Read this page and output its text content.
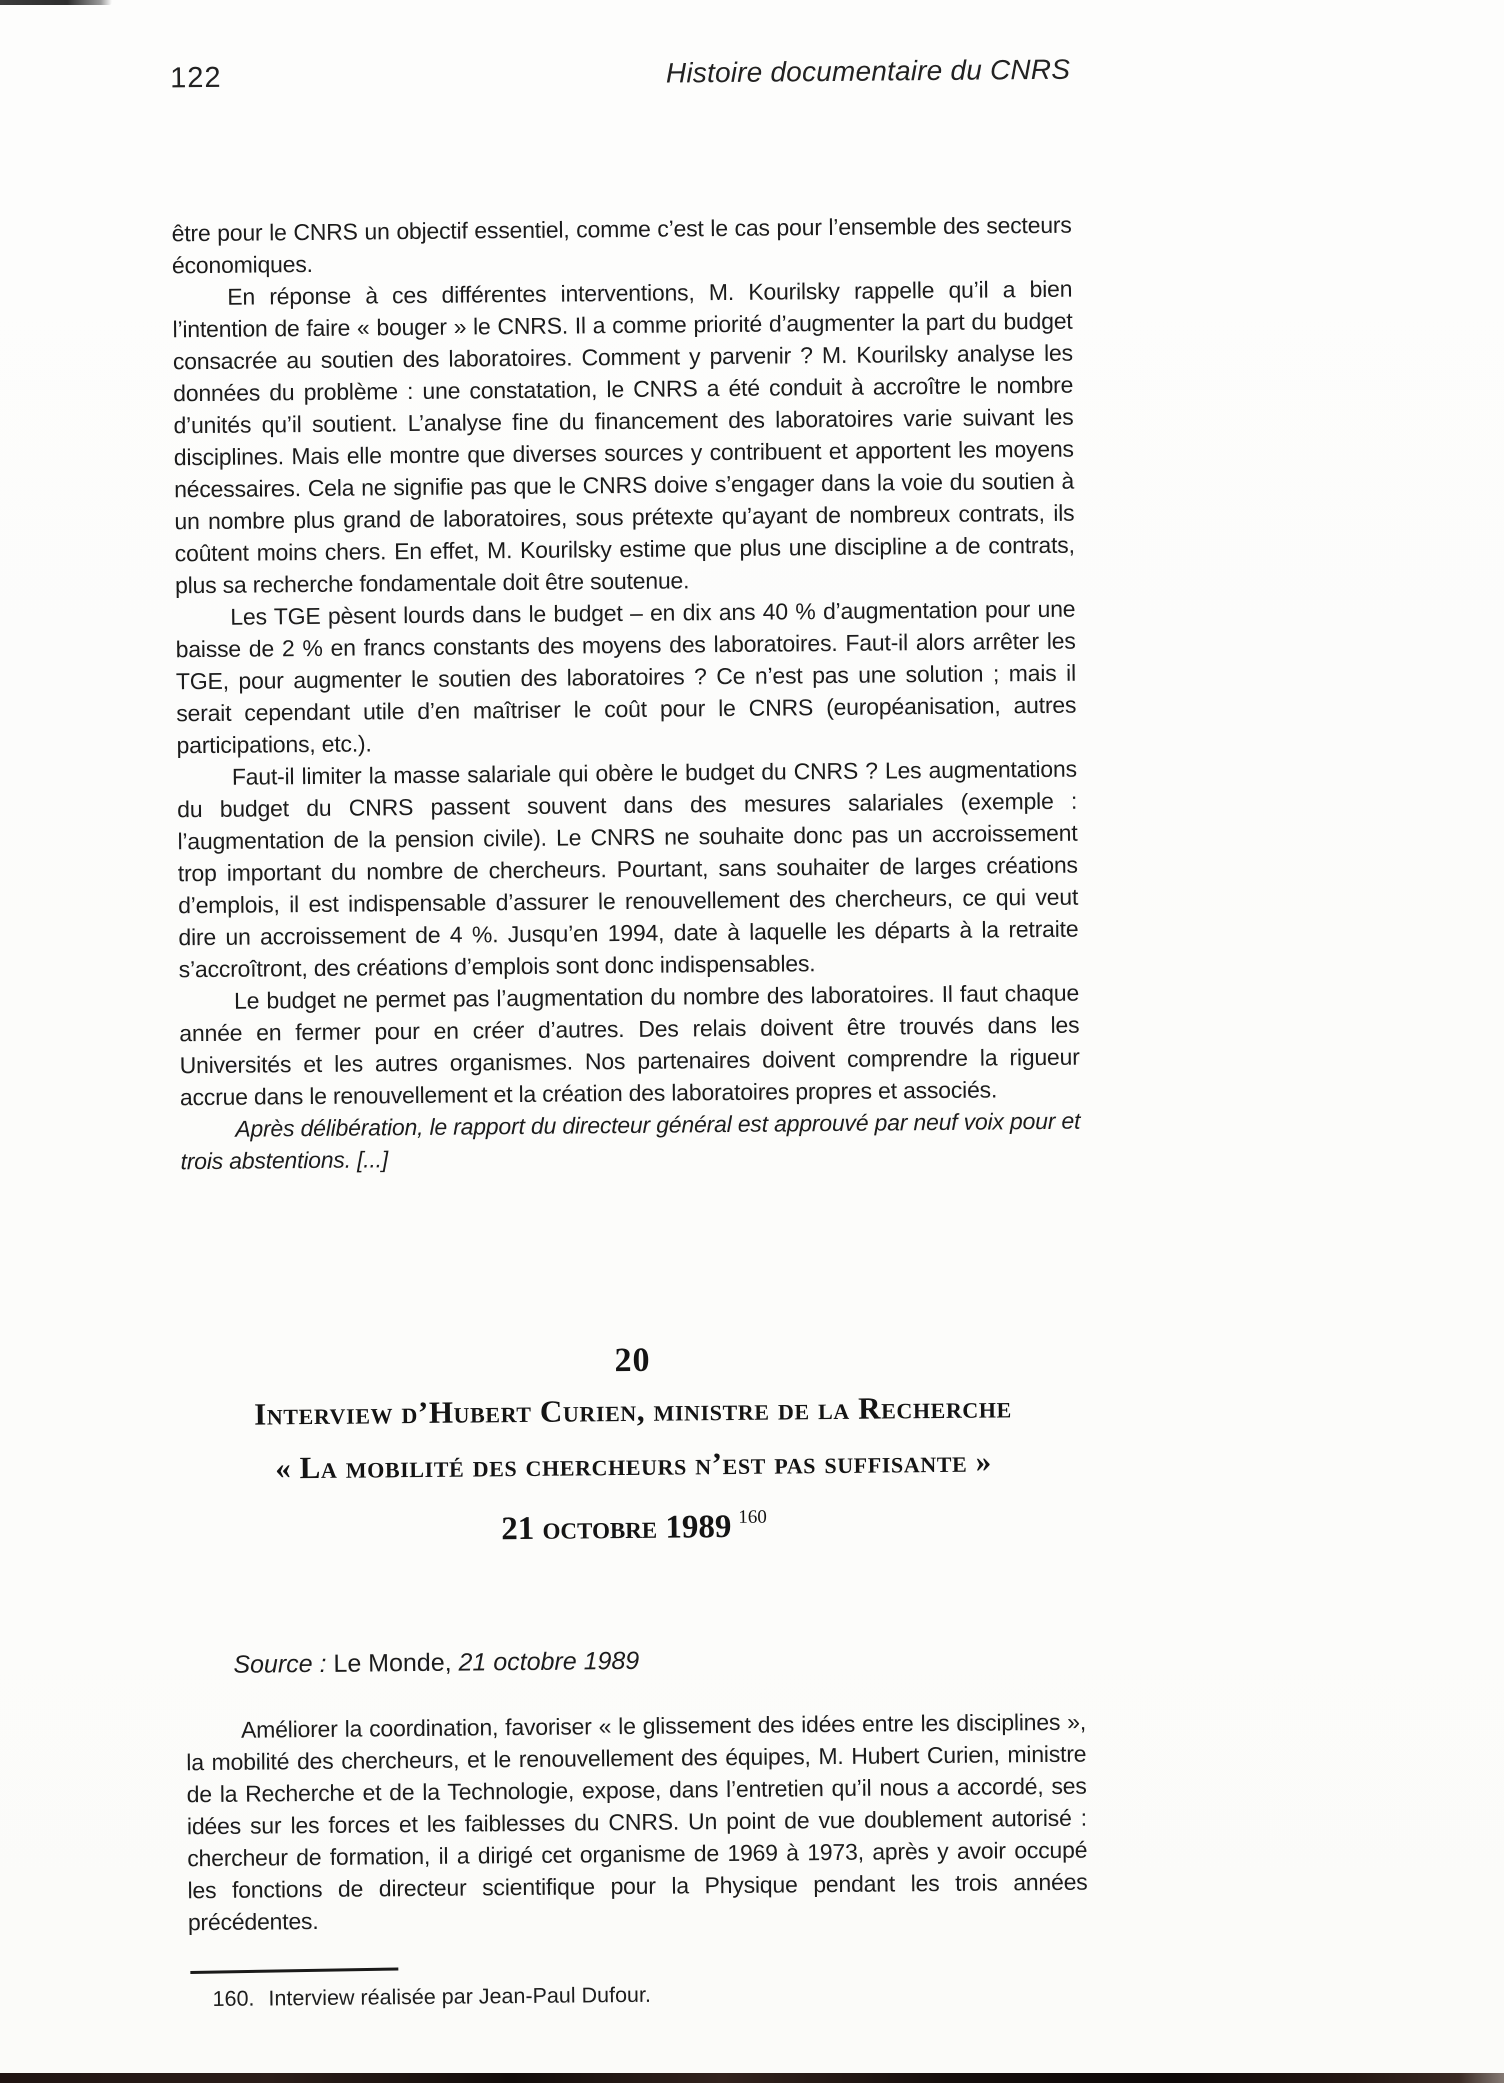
122	Histoire documentaire du CNRS

être pour le CNRS un objectif essentiel, comme c’est le cas pour l’ensemble des secteurs économiques.

En réponse à ces différentes interventions, M. Kourilsky rappelle qu’il a bien l’intention de faire « bouger » le CNRS. Il a comme priorité d’augmenter la part du budget consacrée au soutien des laboratoires. Comment y parvenir ? M. Kourilsky analyse les données du problème : une constatation, le CNRS a été conduit à accroître le nombre d’unités qu’il soutient. L’analyse fine du financement des laboratoires varie suivant les disciplines. Mais elle montre que diverses sources y contribuent et apportent les moyens nécessaires. Cela ne signifie pas que le CNRS doive s’engager dans la voie du soutien à un nombre plus grand de laboratoires, sous prétexte qu’ayant de nombreux contrats, ils coûtent moins chers. En effet, M. Kourilsky estime que plus une discipline a de contrats, plus sa recherche fondamentale doit être soutenue.

Les TGE pèsent lourds dans le budget – en dix ans 40 % d’augmentation pour une baisse de 2 % en francs constants des moyens des laboratoires. Faut-il alors arrêter les TGE, pour augmenter le soutien des laboratoires ? Ce n’est pas une solution ; mais il serait cependant utile d’en maîtriser le coût pour le CNRS (européanisation, autres participations, etc.).

Faut-il limiter la masse salariale qui obère le budget du CNRS ? Les augmentations du budget du CNRS passent souvent dans des mesures salariales (exemple : l’augmentation de la pension civile). Le CNRS ne souhaite donc pas un accroissement trop important du nombre de chercheurs. Pourtant, sans souhaiter de larges créations d’emplois, il est indispensable d’assurer le renouvellement des chercheurs, ce qui veut dire un accroissement de 4 %. Jusqu’en 1994, date à laquelle les départs à la retraite s’accroîtront, des créations d’emplois sont donc indispensables.

Le budget ne permet pas l’augmentation du nombre des laboratoires. Il faut chaque année en fermer pour en créer d’autres. Des relais doivent être trouvés dans les Universités et les autres organismes. Nos partenaires doivent comprendre la rigueur accrue dans le renouvellement et la création des laboratoires propres et associés.

Après délibération, le rapport du directeur général est approuvé par neuf voix pour et trois abstentions. [...]

20
Interview d’Hubert Curien, ministre de la Recherche
« La mobilité des chercheurs n’est pas suffisante »
21 octobre 1989 $^{160}$
Source : Le Monde, 21 octobre 1989

Améliorer la coordination, favoriser « le glissement des idées entre les disciplines », la mobilité des chercheurs, et le renouvellement des équipes, M. Hubert Curien, ministre de la Recherche et de la Technologie, expose, dans l’entretien qu’il nous a accordé, ses idées sur les forces et les faiblesses du CNRS. Un point de vue doublement autorisé : chercheur de formation, il a dirigé cet organisme de 1969 à 1973, après y avoir occupé les fonctions de directeur scientifique pour la Physique pendant les trois années précédentes.

160. Interview réalisée par Jean-Paul Dufour.
